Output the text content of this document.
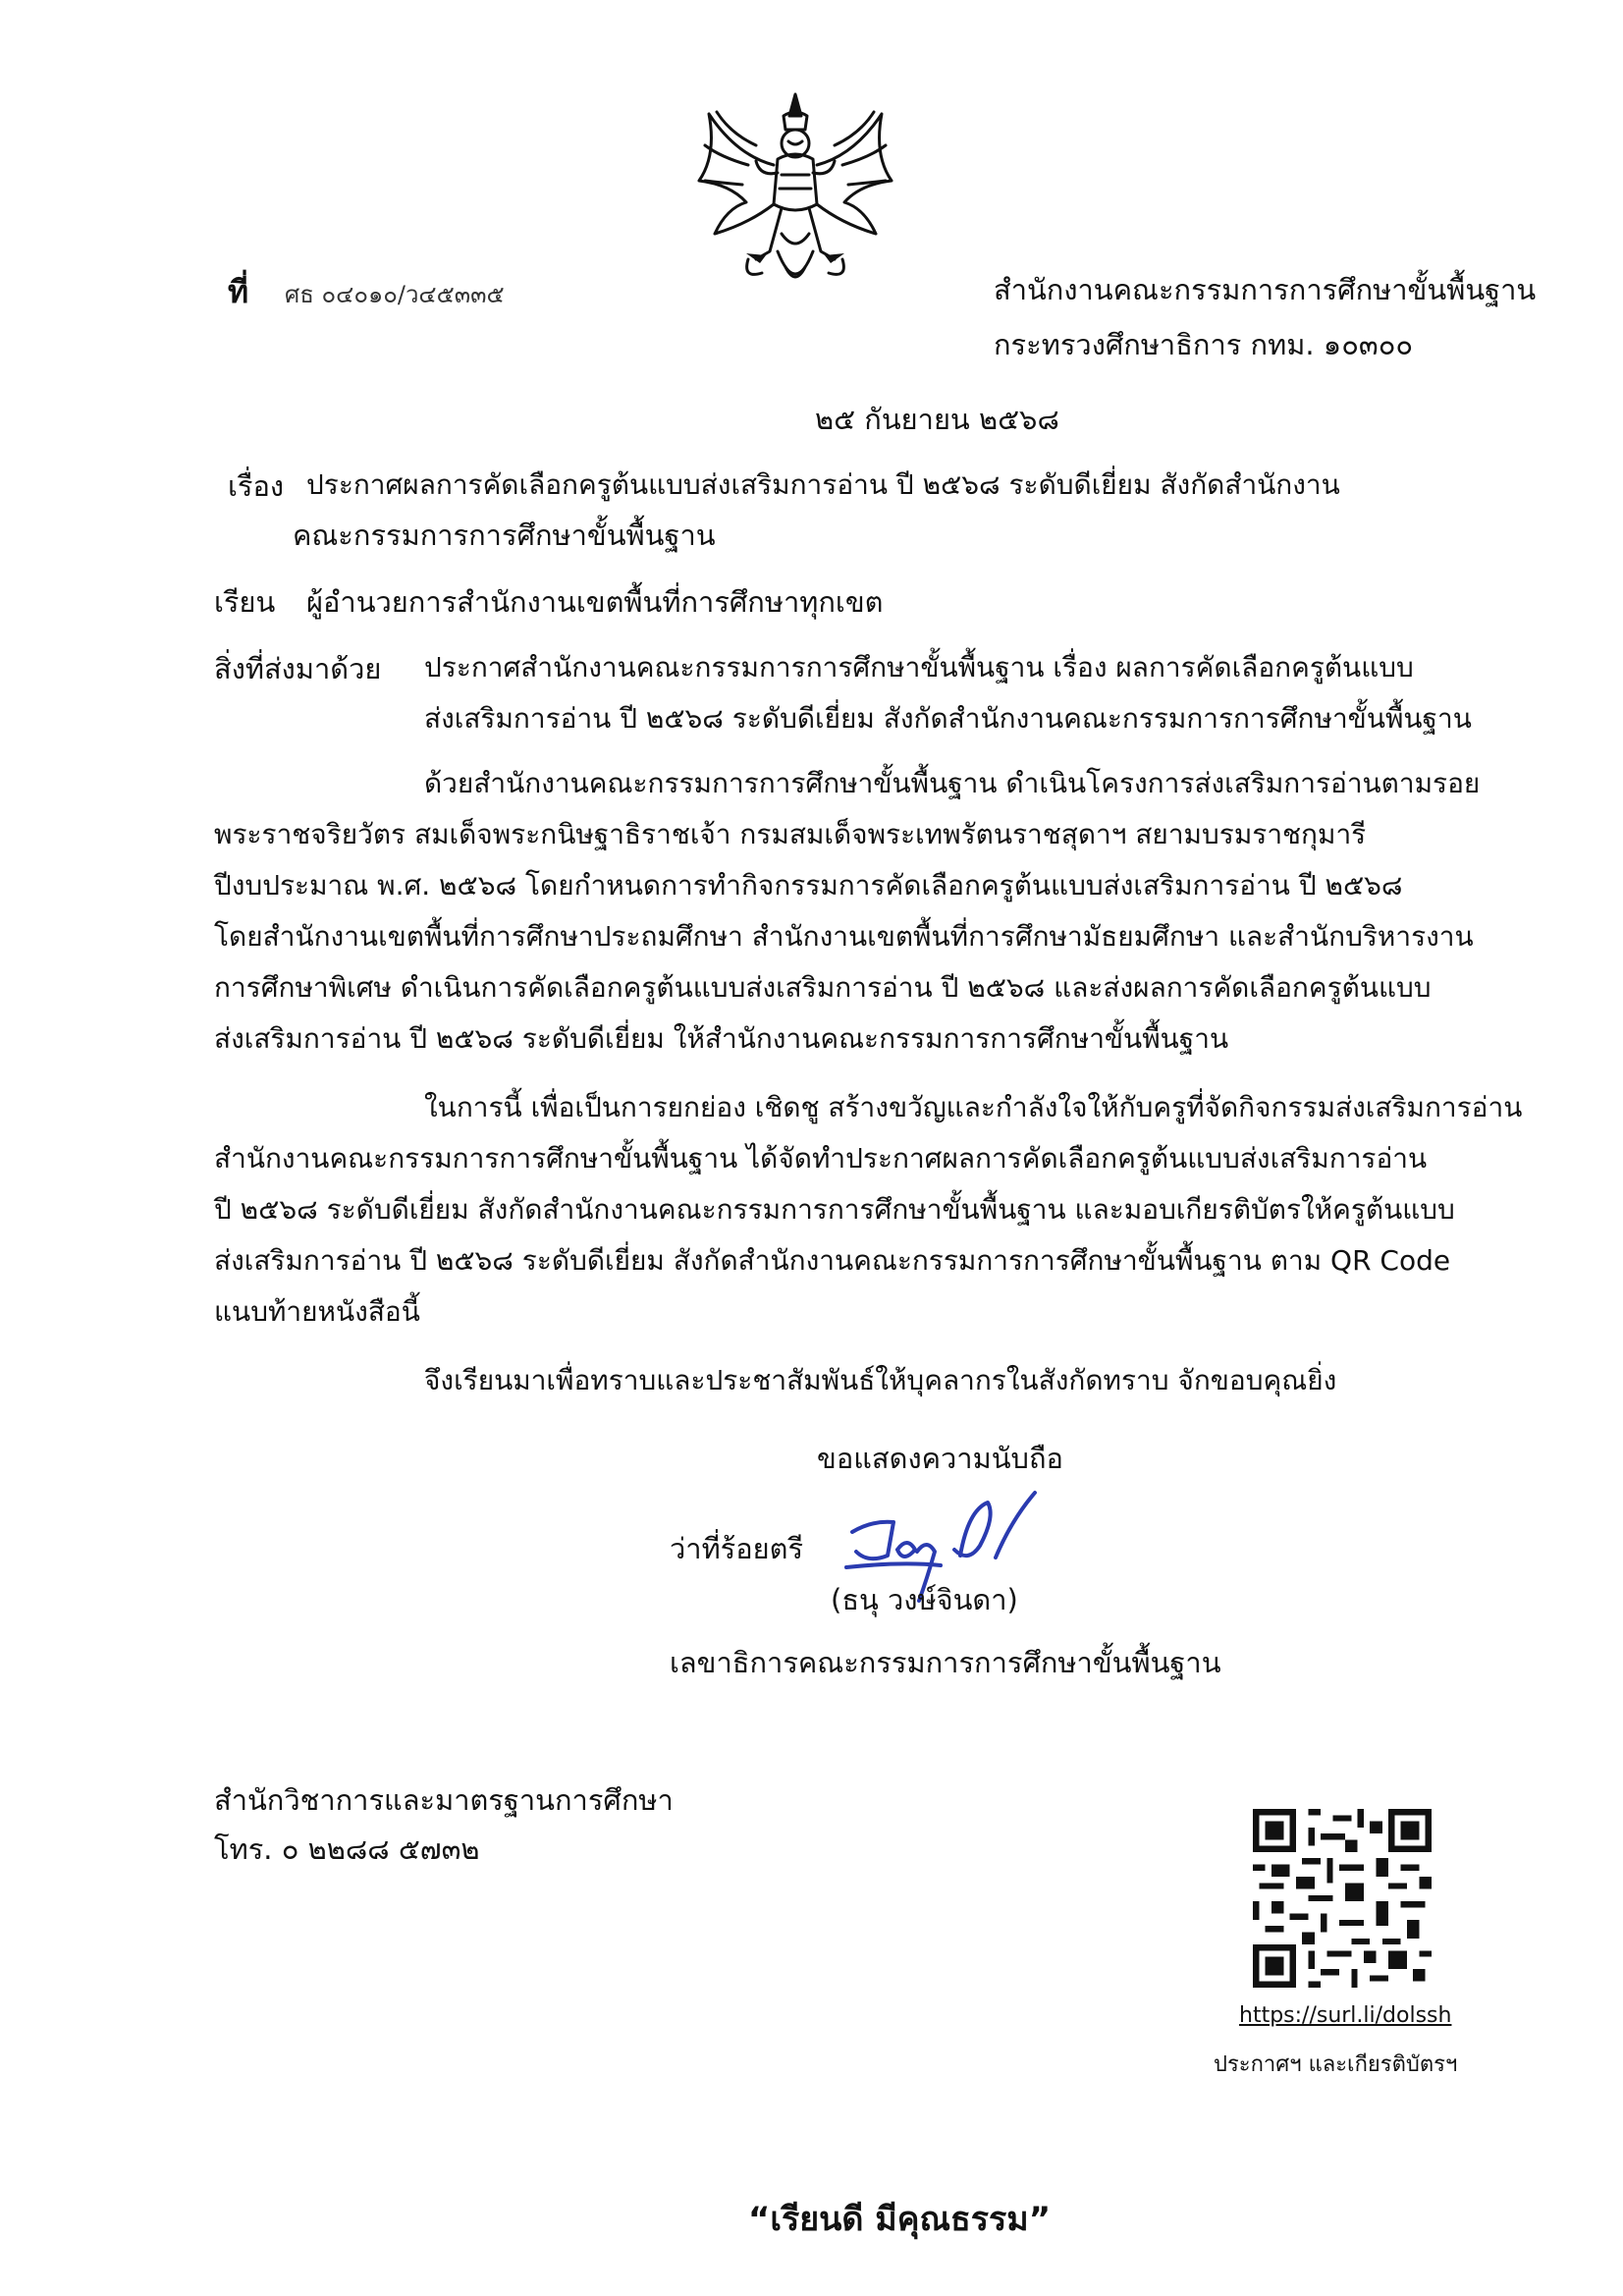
ที่ ศธ ๐๔๐๑๐/ว๔๕๓๓๕	สำนักงานคณะกรรมการการศึกษาขั้นพื้นฐาน
กระทรวงศึกษาธิการ กทม. ๑๐๓๐๐
๒๕ กันยายน ๒๕๖๘
เรื่อง ประกาศผลการคัดเลือกครูต้นแบบส่งเสริมการอ่าน ปี ๒๕๖๘ ระดับดีเยี่ยม สังกัดสำนักงาน
คณะกรรมการการศึกษาขั้นพื้นฐาน
เรียน ผู้อำนวยการสำนักงานเขตพื้นที่การศึกษาทุกเขต
สิ่งที่ส่งมาด้วย ประกาศสำนักงานคณะกรรมการการศึกษาขั้นพื้นฐาน เรื่อง ผลการคัดเลือกครูต้นแบบ
ส่งเสริมการอ่าน ปี ๒๕๖๘ ระดับดีเยี่ยม สังกัดสำนักงานคณะกรรมการการศึกษาขั้นพื้นฐาน
ด้วยสำนักงานคณะกรรมการการศึกษาขั้นพื้นฐาน ดำเนินโครงการส่งเสริมการอ่านตามรอย
พระราชจริยวัตร สมเด็จพระกนิษฐาธิราชเจ้า กรมสมเด็จพระเทพรัตนราชสุดาฯ สยามบรมราชกุมารี
ปีงบประมาณ พ.ศ. ๒๕๖๘ โดยกำหนดการทำกิจกรรมการคัดเลือกครูต้นแบบส่งเสริมการอ่าน ปี ๒๕๖๘
โดยสำนักงานเขตพื้นที่การศึกษาประถมศึกษา สำนักงานเขตพื้นที่การศึกษามัธยมศึกษา และสำนักบริหารงาน
การศึกษาพิเศษ ดำเนินการคัดเลือกครูต้นแบบส่งเสริมการอ่าน ปี ๒๕๖๘ และส่งผลการคัดเลือกครูต้นแบบ
ส่งเสริมการอ่าน ปี ๒๕๖๘ ระดับดีเยี่ยม ให้สำนักงานคณะกรรมการการศึกษาขั้นพื้นฐาน
ในการนี้ เพื่อเป็นการยกย่อง เชิดชู สร้างขวัญและกำลังใจให้กับครูที่จัดกิจกรรมส่งเสริมการอ่าน
สำนักงานคณะกรรมการการศึกษาขั้นพื้นฐาน ได้จัดทำประกาศผลการคัดเลือกครูต้นแบบส่งเสริมการอ่าน
ปี ๒๕๖๘ ระดับดีเยี่ยม สังกัดสำนักงานคณะกรรมการการศึกษาขั้นพื้นฐาน และมอบเกียรติบัตรให้ครูต้นแบบ
ส่งเสริมการอ่าน ปี ๒๕๖๘ ระดับดีเยี่ยม สังกัดสำนักงานคณะกรรมการการศึกษาขั้นพื้นฐาน ตาม QR Code
แนบท้ายหนังสือนี้
จึงเรียนมาเพื่อทราบและประชาสัมพันธ์ให้บุคลากรในสังกัดทราบ จักขอบคุณยิ่ง
ขอแสดงความนับถือ
ว่าที่ร้อยตรี
(ธนุ วงษ์จินดา)
เลขาธิการคณะกรรมการการศึกษาขั้นพื้นฐาน
สำนักวิชาการและมาตรฐานการศึกษา
โทร. ๐ ๒๒๘๘ ๕๗๓๒
https://surl.li/dolssh
ประกาศฯ และเกียรติบัตรฯ
“เรียนดี มีคุณธรรม”
